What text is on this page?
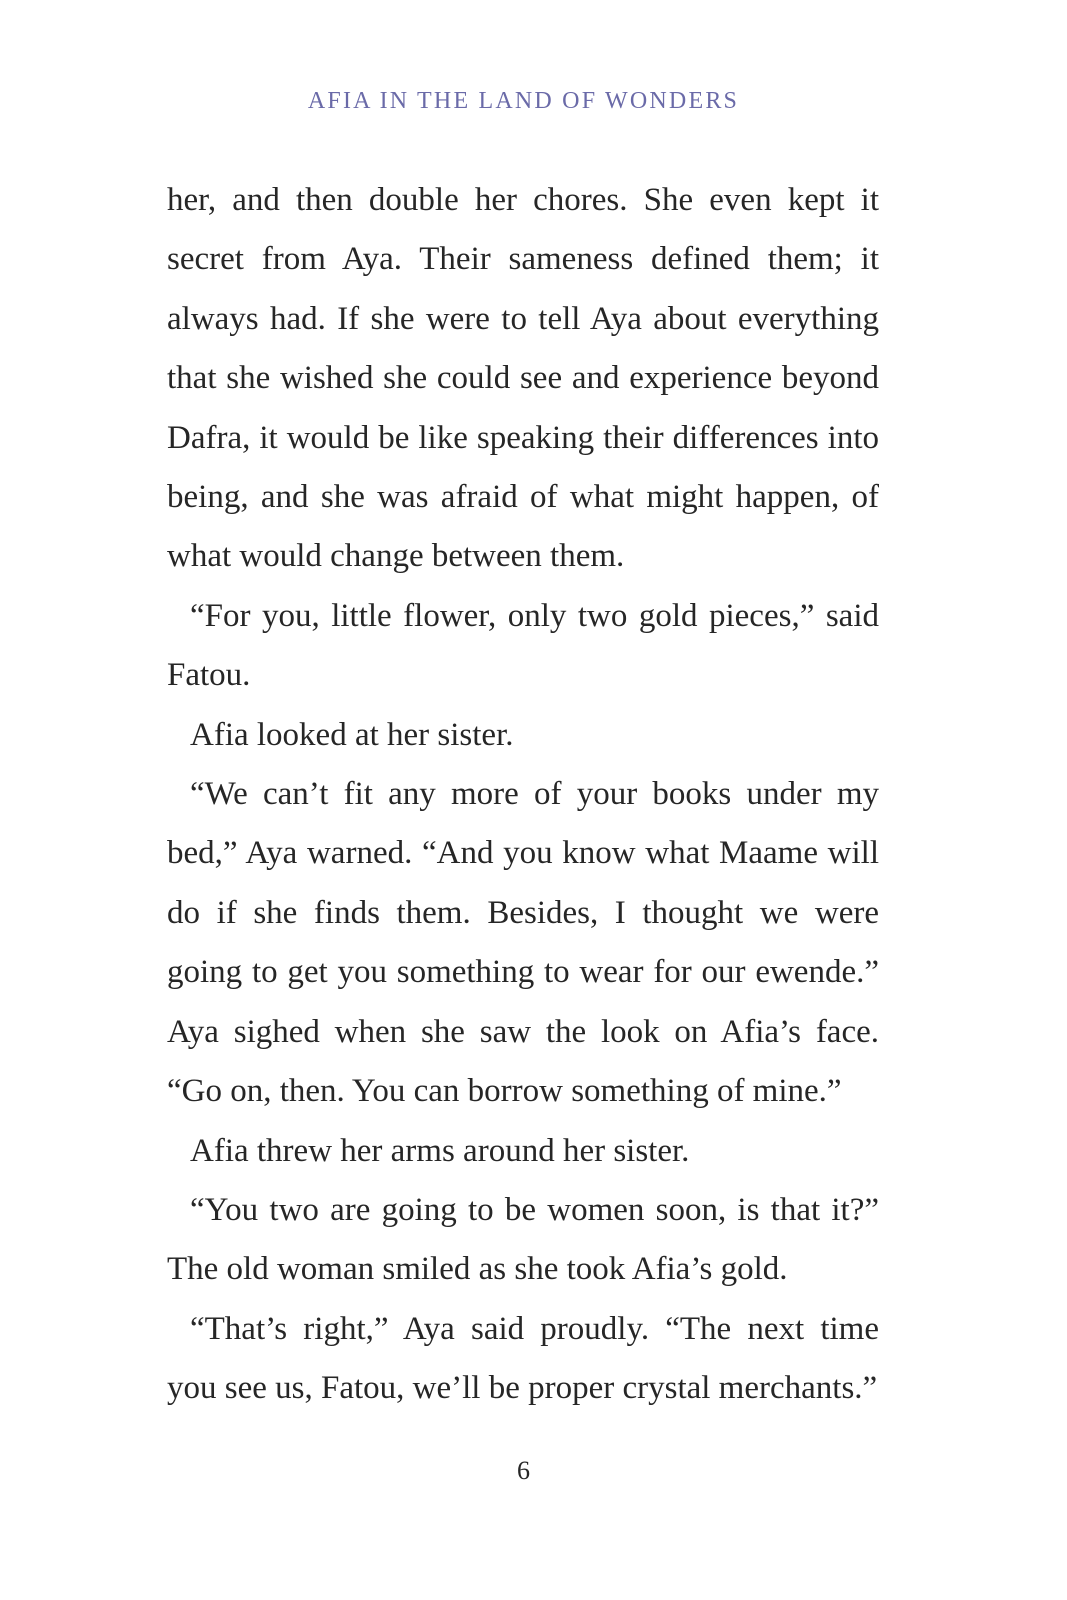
AFIA IN THE LAND OF WONDERS

her, and then double her chores. She even kept it secret from Aya. Their sameness defined them; it always had. If she were to tell Aya about everything that she wished she could see and experience beyond Dafra, it would be like speaking their differences into being, and she was afraid of what might happen, of what would change between them.

“For you, little flower, only two gold pieces,” said Fatou.

Afia looked at her sister.

“We can’t fit any more of your books under my bed,” Aya warned. “And you know what Maame will do if she finds them. Besides, I thought we were going to get you something to wear for our ewende.” Aya sighed when she saw the look on Afia’s face. “Go on, then. You can borrow something of mine.”

Afia threw her arms around her sister.

“You two are going to be women soon, is that it?” The old woman smiled as she took Afia’s gold.

“That’s right,” Aya said proudly. “The next time you see us, Fatou, we’ll be proper crystal merchants.”

6
